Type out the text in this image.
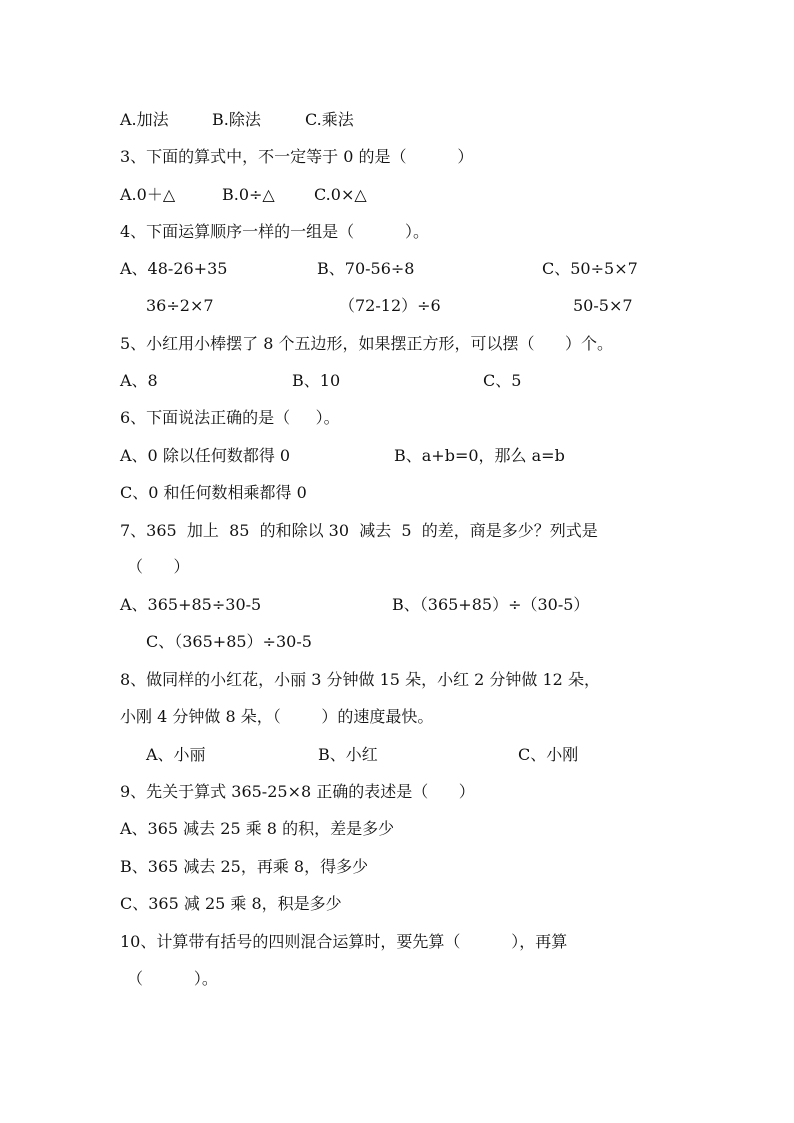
A.加法	B.除法	C.乘法
3、下面的算式中，不一定等于 0 的是（          ）
A.0＋△	B.0÷△ C.0×△
4、下面运算顺序一样的一组是（          ）。
A、48-26+35	B、70-56÷8	C、50÷5×7
36÷2×7	（72-12）÷6	50-5×7
5、小红用小棒摆了 8 个五边形，如果摆正方形，可以摆（      ）个。
A、8	B、10	C、5
6、下面说法正确的是（     ）。
A、0 除以任何数都得 0	B、a+b=0，那么 a=b
C、0 和任何数相乘都得 0
7、365  加上  85  的和除以 30  减去  5  的差，商是多少？列式是
（      ）
A、365+85÷30-5	B、（365+85）÷（30-5）
C、（365+85）÷30-5
8、做同样的小红花，小丽 3 分钟做 15 朵，小红 2 分钟做 12 朵，
小刚 4 分钟做 8 朵，（        ）的速度最快。
A、小丽	B、小红	C、小刚
9、先关于算式 365-25×8 正确的表述是（      ）
A、365 减去 25 乘 8 的积，差是多少
B、365 减去 25，再乘 8，得多少
C、365 减 25 乘 8，积是多少
10、计算带有括号的四则混合运算时，要先算（          ），再算
（          ）。
